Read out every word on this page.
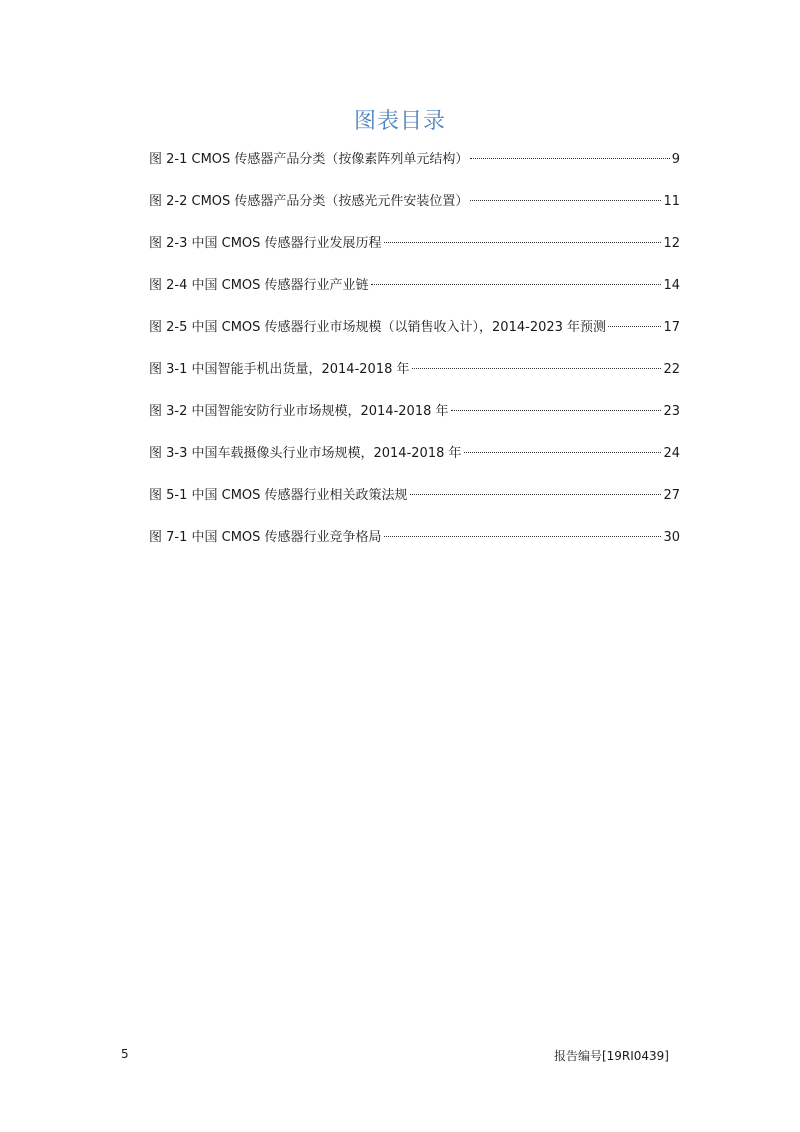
图表目录
图 2-1 CMOS 传感器产品分类（按像素阵列单元结构）	9
图 2-2 CMOS 传感器产品分类（按感光元件安装位置）	11
图 2-3 中国 CMOS 传感器行业发展历程	12
图 2-4 中国 CMOS 传感器行业产业链	14
图 2-5 中国 CMOS 传感器行业市场规模（以销售收入计），2014-2023 年预测	17
图 3-1 中国智能手机出货量，2014-2018 年	22
图 3-2 中国智能安防行业市场规模，2014-2018 年	23
图 3-3 中国车载摄像头行业市场规模，2014-2018 年	24
图 5-1 中国 CMOS 传感器行业相关政策法规	27
图 7-1 中国 CMOS 传感器行业竞争格局	30
5	报告编号[19RI0439]
